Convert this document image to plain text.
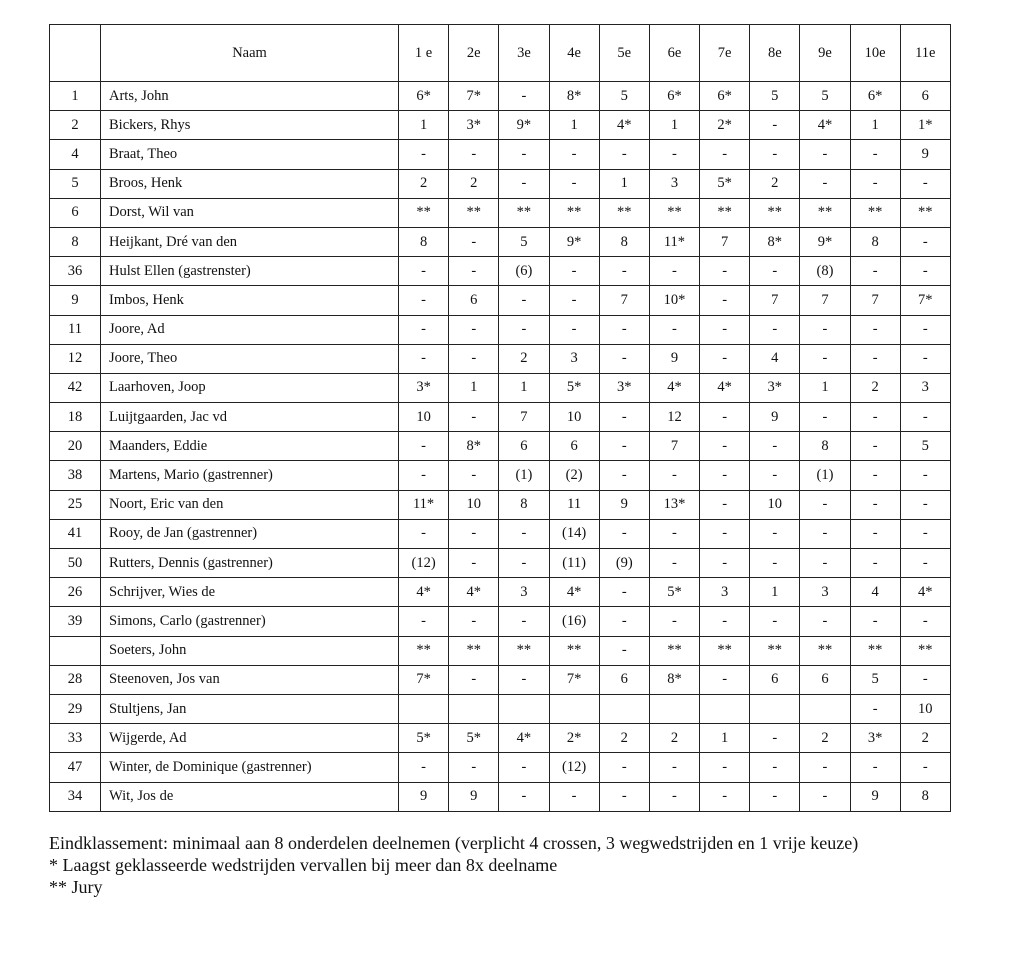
	Naam	1 e	2e	3e	4e	5e	6e	7e	8e	9e	10e	11e
1	Arts, John	6*	7*	-	8*	5	6*	6*	5	5	6*	6
2	Bickers, Rhys	1	3*	9*	1	4*	1	2*	-	4*	1	1*
4	Braat, Theo	-	-	-	-	-	-	-	-	-	-	9
5	Broos, Henk	2	2	-	-	1	3	5*	2	-	-	-
6	Dorst, Wil van	**	**	**	**	**	**	**	**	**	**	**
8	Heijkant, Dré van den	8	-	5	9*	8	11*	7	8*	9*	8	-
36	Hulst Ellen (gastrenster)	-	-	(6)	-	-	-	-	-	(8)	-	-
9	Imbos, Henk	-	6	-	-	7	10*	-	7	7	7	7*
11	Joore, Ad	-	-	-	-	-	-	-	-	-	-	-
12	Joore, Theo	-	-	2	3	-	9	-	4	-	-	-
42	Laarhoven, Joop	3*	1	1	5*	3*	4*	4*	3*	1	2	3
18	Luijtgaarden, Jac vd	10	-	7	10	-	12	-	9	-	-	-
20	Maanders, Eddie	-	8*	6	6	-	7	-	-	8	-	5
38	Martens, Mario (gastrenner)	-	-	(1)	(2)	-	-	-	-	(1)	-	-
25	Noort, Eric van den	11*	10	8	11	9	13*	-	10	-	-	-
41	Rooy, de Jan (gastrenner)	-	-	-	(14)	-	-	-	-	-	-	-
50	Rutters, Dennis (gastrenner)	(12)	-	-	(11)	(9)	-	-	-	-	-	-
26	Schrijver, Wies de	4*	4*	3	4*	-	5*	3	1	3	4	4*
39	Simons, Carlo (gastrenner)	-	-	-	(16)	-	-	-	-	-	-	-
	Soeters, John	**	**	**	**	-	**	**	**	**	**	**
28	Steenoven, Jos van	7*	-	-	7*	6	8*	-	6	6	5	-
29	Stultjens, Jan										-	10
33	Wijgerde, Ad	5*	5*	4*	2*	2	2	1	-	2	3*	2
47	Winter, de Dominique (gastrenner)	-	-	-	(12)	-	-	-	-	-	-	-
34	Wit, Jos de	9	9	-	-	-	-	-	-	-	9	8
Eindklassement: minimaal aan 8 onderdelen deelnemen (verplicht 4 crossen, 3 wegwedstrijden en 1 vrije keuze)
* Laagst geklasseerde wedstrijden vervallen bij meer dan 8x deelname
** Jury
